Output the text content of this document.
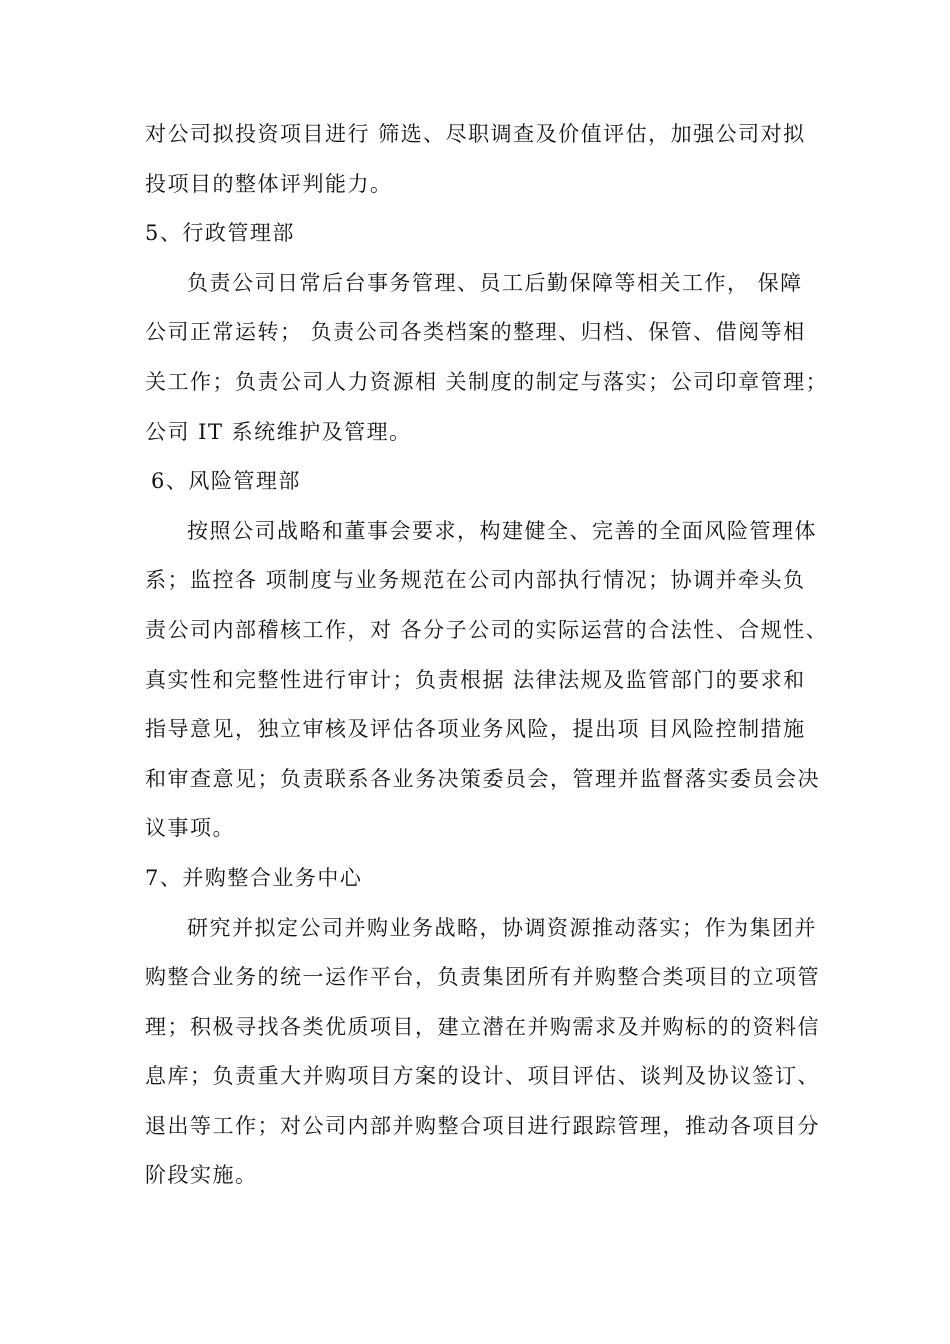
对公司拟投资项目进行 筛选、尽职调查及价值评估，加强公司对拟
投项目的整体评判能力。
5、行政管理部
负责公司日常后台事务管理、员工后勤保障等相关工作， 保障
公司正常运转； 负责公司各类档案的整理、归档、保管、借阅等相
关工作；负责公司人力资源相 关制度的制定与落实；公司印章管理；
公司 IT 系统维护及管理。
6、风险管理部
按照公司战略和董事会要求，构建健全、完善的全面风险管理体
系；监控各 项制度与业务规范在公司内部执行情况；协调并牵头负
责公司内部稽核工作，对 各分子公司的实际运营的合法性、合规性、
真实性和完整性进行审计；负责根据 法律法规及监管部门的要求和
指导意见，独立审核及评估各项业务风险，提出项 目风险控制措施
和审查意见；负责联系各业务决策委员会，管理并监督落实委员会决
议事项。
7、并购整合业务中心
研究并拟定公司并购业务战略，协调资源推动落实；作为集团并
购整合业务的统一运作平台，负责集团所有并购整合类项目的立项管
理；积极寻找各类优质项目，建立潜在并购需求及并购标的的资料信
息库；负责重大并购项目方案的设计、项目评估、谈判及协议签订、
退出等工作；对公司内部并购整合项目进行跟踪管理，推动各项目分
阶段实施。
